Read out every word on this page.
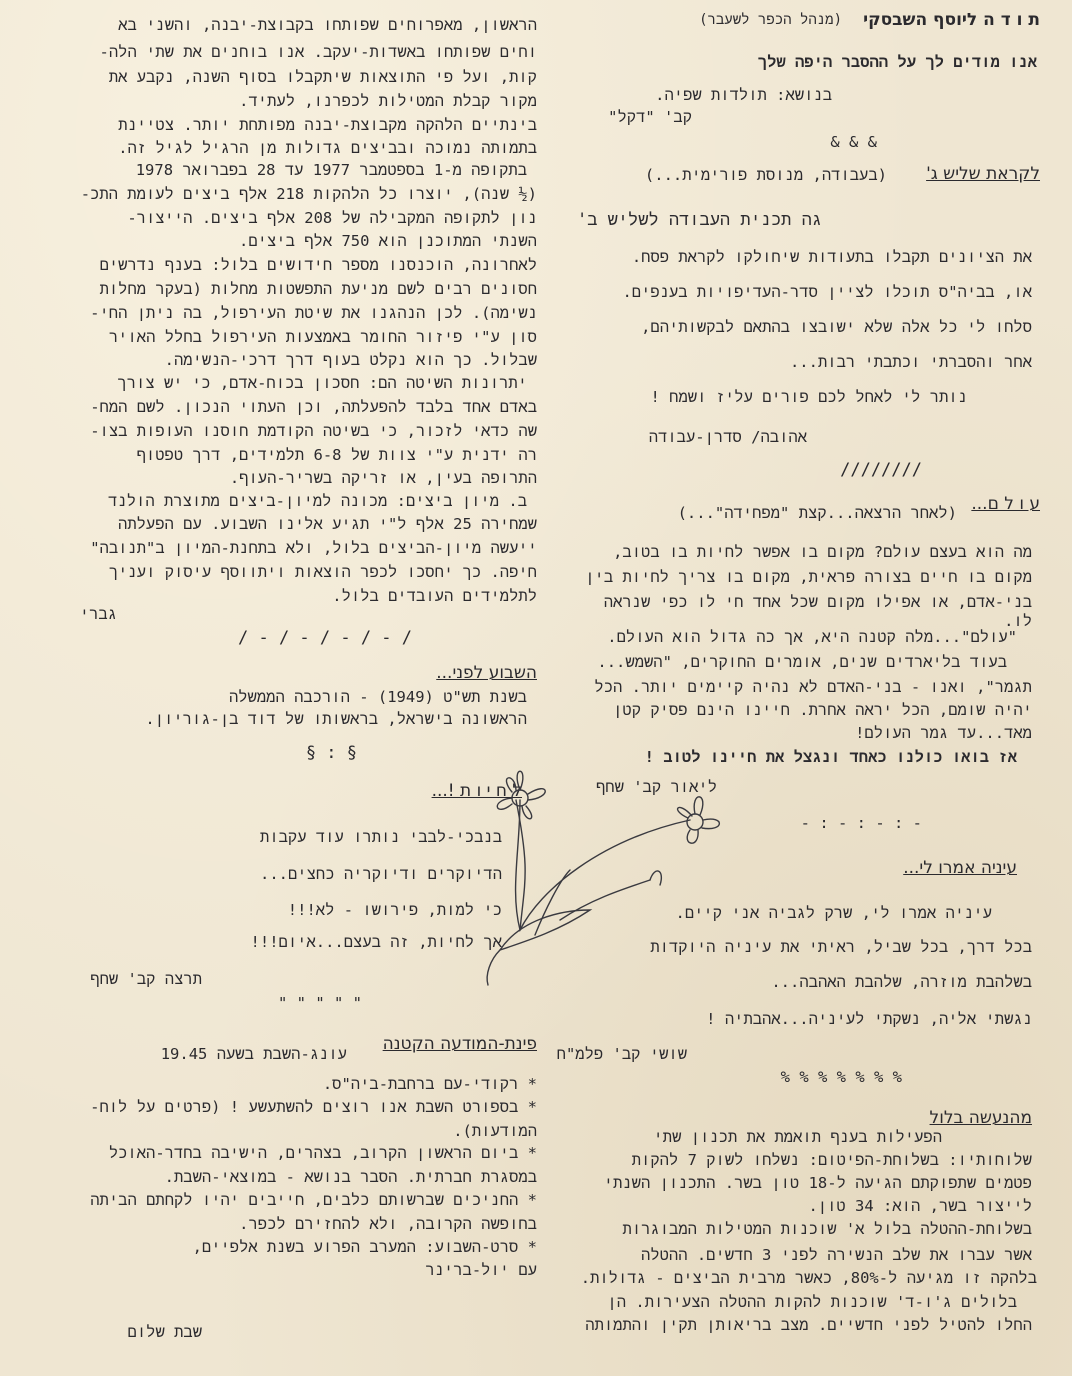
ת ו ד ה ליוסף השבסקי
(מנהל הכפר לשעבר)
אנו מודים לך על ההסבר היפה שלך
בנושא: תולדות שפיה.
קב' "דקל"
& & &
לקראת שליש ג'
(בעבודה, מנוסת פורימית...)
גה תכנית העבודה לשליש ב'
את הציונים תקבלו בתעודות שיחולקו לקראת פסח.
או, בביה"ס תוכלו לציין סדר-העדיפויות בענפים.
סלחו לי כל אלה שלא ישובצו בהתאם לבקשותיהם,
אחר והסברתי וכתבתי רבות...
נותר לי לאחל לכם פורים עליז ושמח !
אהובה/ סדרן-עבודה
////////
ע ו ל ם...
(לאחר הרצאה...קצת "מפחידה"...)
מה הוא בעצם עולם? מקום בו אפשר לחיות בו בטוב,
מקום בו חיים בצורה פראית, מקום בו צריך לחיות בין
בני-אדם, או אפילו מקום שכל אחד חי לו כפי שנראה
לו.
"עולם"...מלה קטנה היא, אך כה גדול הוא העולם.
בעוד בליארדים שנים, אומרים החוקרים, "השמש...
תגמר", ואנו - בני-האדם לא נהיה קיימים יותר. הכל
יהיה שומם, הכל יראה אחרת. חיינו הינם פסיק קטן
מאד...עד גמר העולם!
אז בואו כולנו כאחד ונגצל את חיינו לטוב !
ליאור קב' שחף
- : - : - : -
עיניה אמרו לי...
עיניה אמרו לי, שרק לגביה אני קיים.
בכל דרך, בכל שביל, ראיתי את עיניה היוקדות
בשלהבת מוזרה, שלהבת האהבה...
נגשתי אליה, נשקתי לעיניה...אהבתיה !
שושי קב' פלמ"ח
% % % % % % %
מהנעשה בלול
הפעילות בענף תואמת את תכנון שתי
שלוחותיו: בשלוחת-הפיטום: נשלחו לשוק 7 להקות
פטמים שתפוקתם הגיעה ל-18 טון בשר. התכנון השנתי
לייצור בשר, הוא: 34 טון.
בשלוחת-ההטלה בלול א' שוכנות המטילות המבוגרות
אשר עברו את שלב הנשירה לפני 3 חדשים. ההטלה
בלהקה זו מגיעה ל-80%, כאשר מרבית הביצים - גדולות.
בלולים ג'ו-ד' שוכנות להקות ההטלה הצעירות. הן
החלו להטיל לפני חדשיים. מצב בריאותן תקין והתמותה
הראשון, מאפרוחים שפותחו בקבוצת-יבנה, והשני בא
וחים שפותחו באשדות-יעקב. אנו בוחנים את שתי הלה-
קות, ועל פי התוצאות שיתקבלו בסוף השנה, נקבע את
מקור קבלת המטילות לכפרנו, לעתיד.
בינתיים הלהקה מקבוצת-יבנה מפותחת יותר. צטיינת
בתמותה נמוכה ובביצים גדולות מן הרגיל לגיל זה.
בתקופה מ-1 בספטמבר 1977 עד 28 בפברואר 1978
(½ שנה), יוצרו כל הלהקות 218 אלף ביצים לעומת התכ-
נון לתקופה המקבילה של 208 אלף ביצים. הייצור-
השנתי המתוכנן הוא 750 אלף ביצים.
לאחרונה, הוכנסנו מספר חידושים בלול: בענף נדרשים
חסונים רבים לשם מניעת התפשטות מחלות (בעקר מחלות
נשימה). לכן הנהגנו את שיטת העירפול, בה ניתן החי-
סון ע"י פיזור החומר באמצעות העירפול בחלל האויר
שבלול. כך הוא נקלט בעוף דרך דרכי-הנשימה.
יתרונות השיטה הם: חסכון בכוח-אדם, כי יש צורך
באדם אחד בלבד להפעלתה, וכן העתוי הנכון. לשם המח-
שה כדאי לזכור, כי בשיטה הקודמת חוסנו העופות בצו-
רה ידנית ע"י צוות של 6-8 תלמידים, דרך טפטוף
התרופה בעין, או זריקה בשריר-העוף.
ב. מיון ביצים: מכונה למיון-ביצים מתוצרת הולנד
שמחירה 25 אלף ל"י תגיע אלינו השבוע. עם הפעלתה
ייעשה מיון-הביצים בלול, ולא בתחנת-המיון ב"תנובה"
חיפה. כך יחסכו לכפר הוצאות ויתווסף עיסוק ועניך
לתלמידים העובדים בלול.
גברי
/ - / - / - / - /
השבוע לפני...
בשנת תש"ט (1949) - הורכבה הממשלה
הראשונה בישראל, בראשותו של דוד בן-גוריון.
§ : §
ל ח י ו ת !...
בנבכי-לבבי נותרו עוד עקבות
הדיוקרים ודיוקריה כחצים...
כי למות, פירושו - לא!!!
אך לחיות, זה בעצם...איום!!!
תרצה קב' שחף
" " " " "
פינת-המודעה הקטנה
עונג-השבת בשעה 19.45
* רקודי-עם ברחבת-ביה"ס.
* בספורט השבת אנו רוצים להשתעשע ! (פרטים על לוח-
המודעות).
* ביום הראשון הקרוב, בצהרים, הישיבה בחדר-האוכל
במסגרת חברתית. הסבר בנושא - במוצאי-השבת.
* החניכים שברשותם כלבים, חייבים יהיו לקחתם הביתה
בחופשה הקרובה, ולא להחזירם לכפר.
* סרט-השבוע: המערב הפרוע בשנת אלפיים,
עם יול-ברינר
שבת שלום
